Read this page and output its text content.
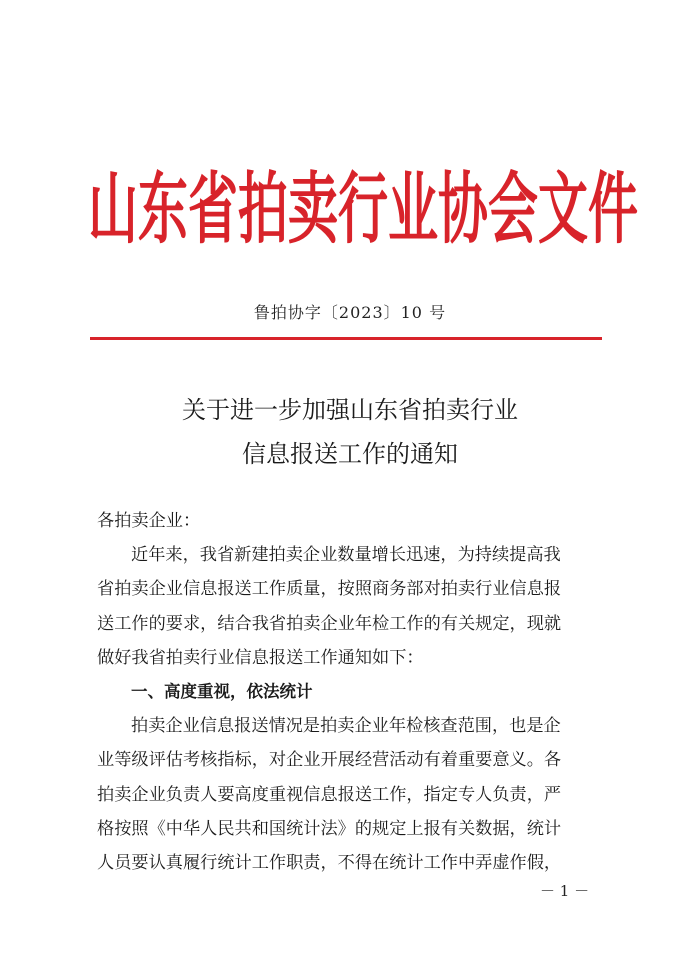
山 东 省 拍 卖 行 业 协 会 文 件
鲁拍协字〔2023〕10 号
关于进一步加强山东省拍卖行业
信息报送工作的通知
各拍卖企业：
近年来，我省新建拍卖企业数量增长迅速，为持续提高我
省拍卖企业信息报送工作质量，按照商务部对拍卖行业信息报
送工作的要求，结合我省拍卖企业年检工作的有关规定，现就
做好我省拍卖行业信息报送工作通知如下：
一、高度重视，依法统计
拍卖企业信息报送情况是拍卖企业年检核查范围，也是企
业等级评估考核指标，对企业开展经营活动有着重要意义。各
拍卖企业负责人要高度重视信息报送工作，指定专人负责，严
格按照《中华人民共和国统计法》的规定上报有关数据，统计
人员要认真履行统计工作职责，不得在统计工作中弄虚作假，
－ 1 －
